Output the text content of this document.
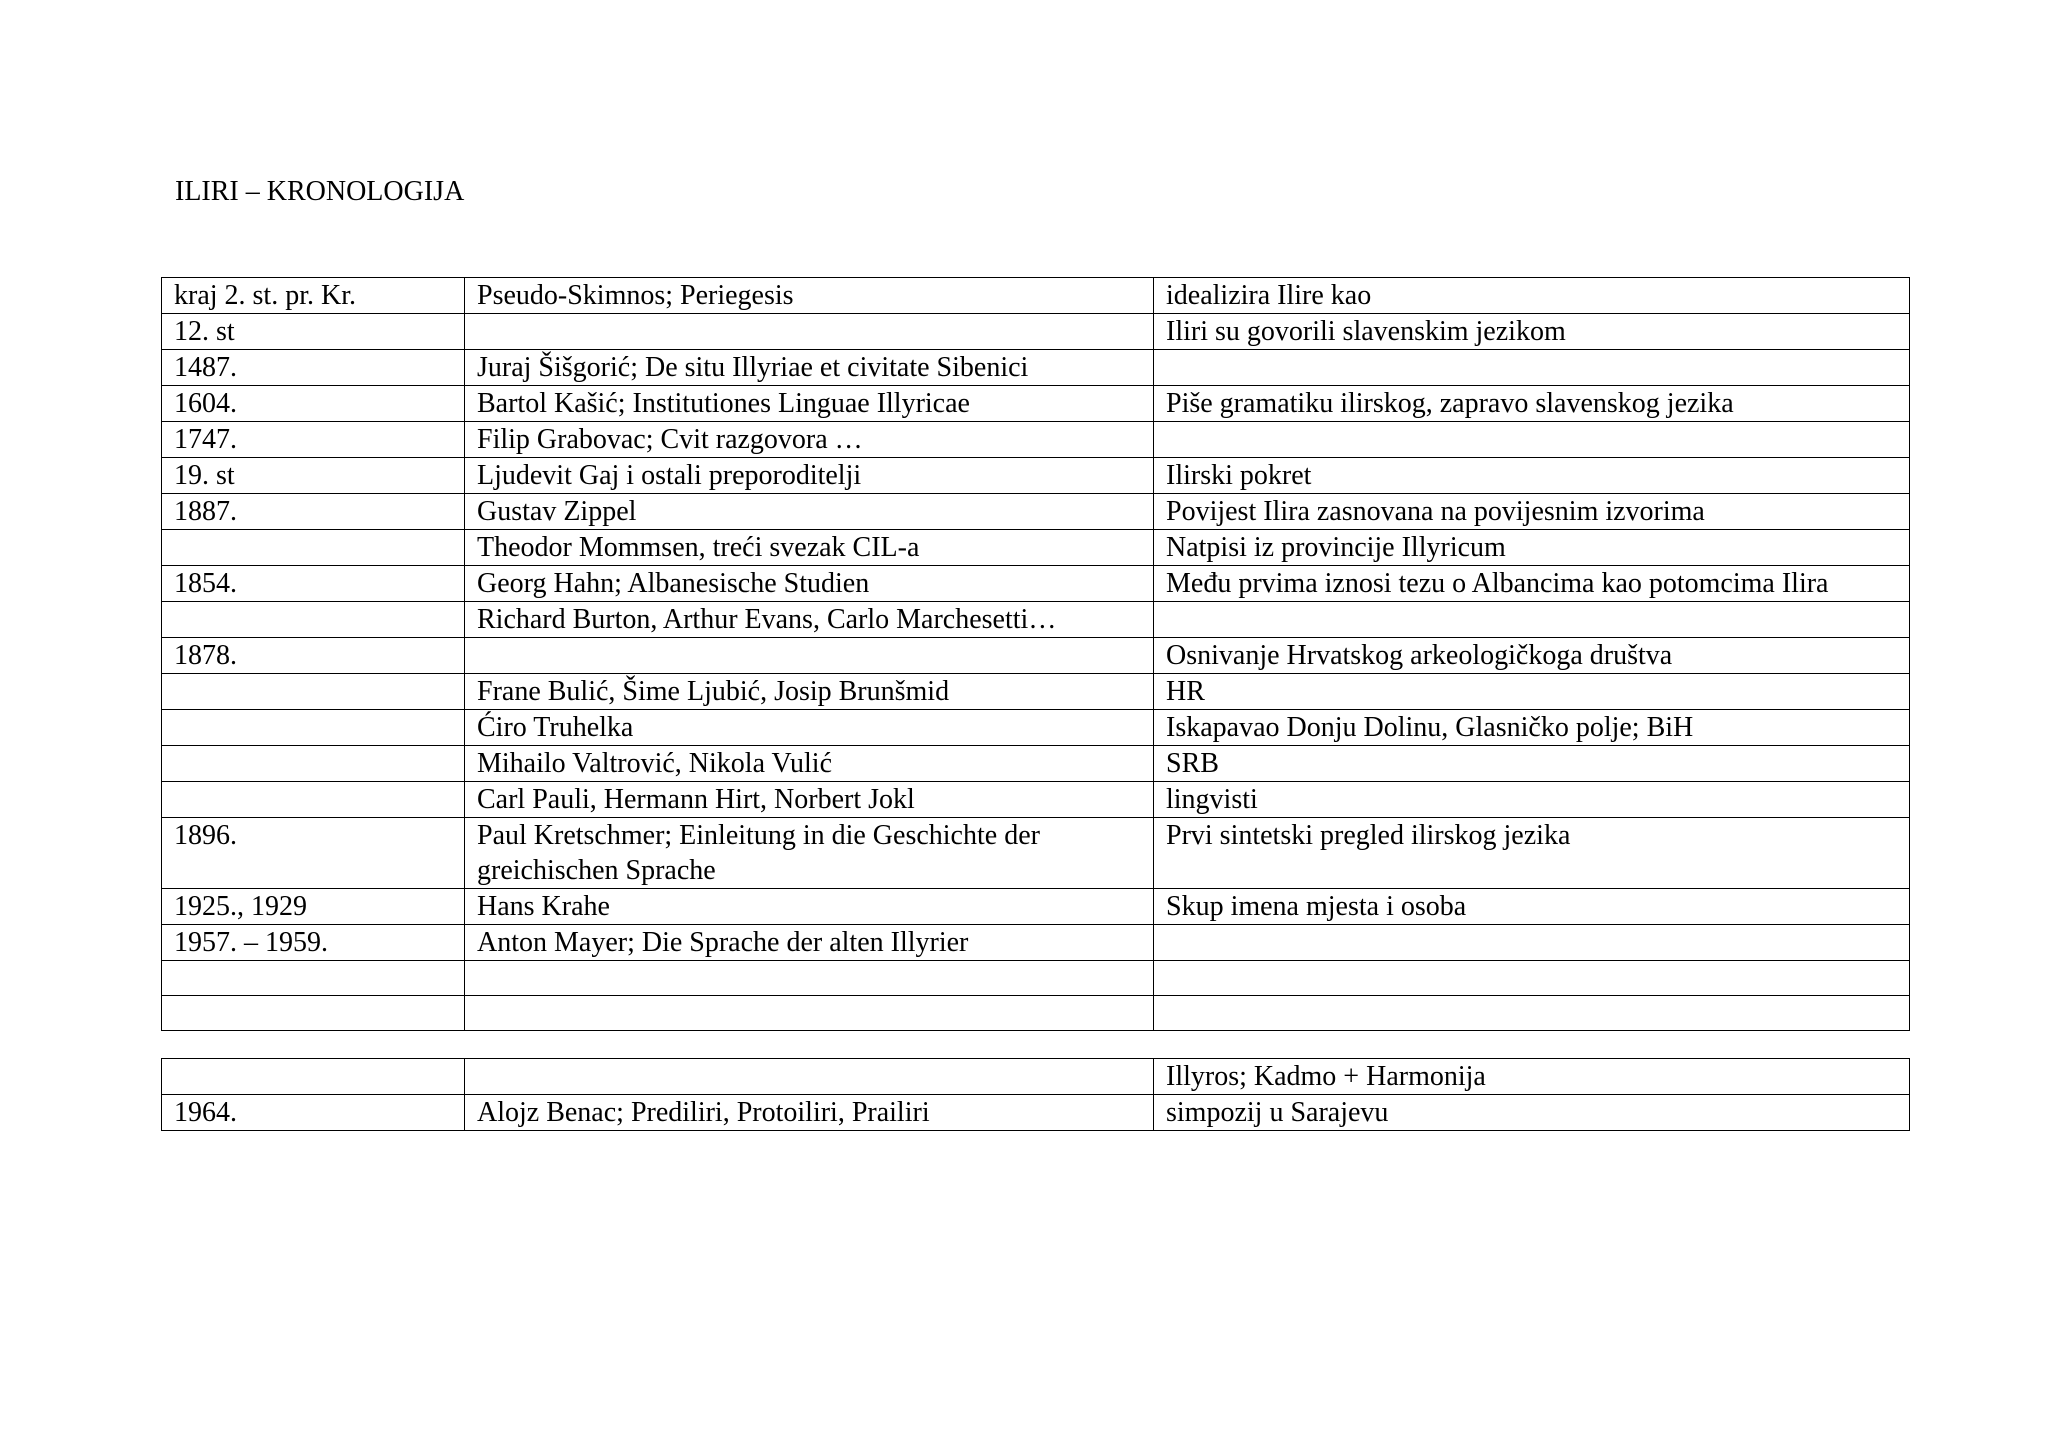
ILIRI – KRONOLOGIJA
kraj 2. st. pr. Kr.	Pseudo-Skimnos; Periegesis	idealizira Ilire kao
12. st		Iliri su govorili slavenskim jezikom
1487.	Juraj Šišgorić; De situ Illyriae et civitate Sibenici	
1604.	Bartol Kašić; Institutiones Linguae Illyricae	Piše gramatiku ilirskog, zapravo slavenskog jezika
1747.	Filip Grabovac; Cvit razgovora …	
19. st	Ljudevit Gaj i ostali preporoditelji	Ilirski pokret
1887.	Gustav Zippel	Povijest Ilira zasnovana na povijesnim izvorima
	Theodor Mommsen, treći svezak CIL-a	Natpisi iz provincije Illyricum
1854.	Georg Hahn; Albanesische Studien	Među prvima iznosi tezu o Albancima kao potomcima Ilira
	Richard Burton, Arthur Evans, Carlo Marchesetti…	
1878.		Osnivanje Hrvatskog arkeologičkoga društva
	Frane Bulić, Šime Ljubić, Josip Brunšmid	HR
	Ćiro Truhelka	Iskapavao Donju Dolinu, Glasničko polje; BiH
	Mihailo Valtrović, Nikola Vulić	SRB
	Carl Pauli, Hermann Hirt, Norbert Jokl	lingvisti
1896.	Paul Kretschmer; Einleitung in die Geschichte der greichischen Sprache	Prvi sintetski pregled ilirskog jezika
1925., 1929	Hans Krahe	Skup imena mjesta i osoba
1957. – 1959.	Anton Mayer; Die Sprache der alten Illyrier	

		Illyros; Kadmo + Harmonija
1964.	Alojz Benac; Prediliri, Protoiliri, Prailiri	simpozij u Sarajevu
